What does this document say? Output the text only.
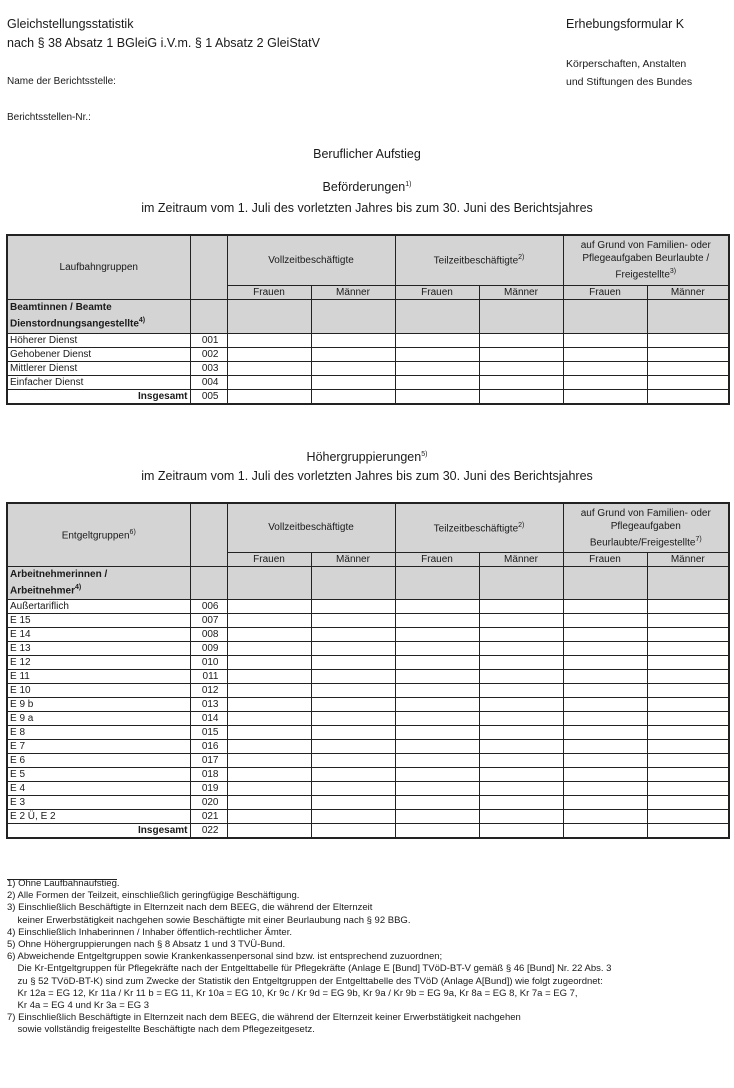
Gleichstellungsstatistik
nach § 38 Absatz 1 BGleiG i.V.m. § 1 Absatz 2 GleiStatV
Erhebungsformular K
Körperschaften, Anstalten
und Stiftungen des Bundes
Name der Berichtsstelle:
Berichtsstellen-Nr.:
Beruflicher Aufstieg
Beförderungen$^{1)}$
im Zeitraum vom 1. Juli des vorletzten Jahres bis zum 30. Juni des Berichtsjahres
Laufbahngruppen		Vollzeitbeschäftigte		Teilzeitbeschäftigte$^{2)}$		auf Grund von Familien- oder
Pflegeaufgaben Beurlaubte /
Freigestellte$^{3)}$

		Frauen	Männer	Frauen	Männer	Frauen	Männer

Beamtinnen / Beamte
Dienstordnungsangestellte$^{4)}$

Höherer Dienst	001						
Gehobener Dienst	002						
Mittlerer Dienst	003						
Einfacher Dienst	004						
Insgesamt	005						
Höhergruppierungen$^{5)}$
im Zeitraum vom 1. Juli des vorletzten Jahres bis zum 30. Juni des Berichtsjahres
Entgeltgruppen$^{6)}$		Vollzeitbeschäftigte		Teilzeitbeschäftigte$^{2)}$		auf Grund von Familien- oder
Pflegeaufgaben
Beurlaubte/Freigestellte$^{7)}$

		Frauen	Männer	Frauen	Männer	Frauen	Männer

Arbeitnehmerinnen /
Arbeitnehmer$^{4)}$

Außertariflich	006						
E 15	007						
E 14	008						
E 13	009						
E 12	010						
E 11	011						
E 10	012						
E 9 b	013						
E 9 a	014						
E 8	015						
E 7	016						
E 6	017						
E 5	018						
E 4	019						
E 3	020						
E 2 Ü, E 2	021						
Insgesamt	022						
1) Ohne Laufbahnaufstieg.
2) Alle Formen der Teilzeit, einschließlich geringfügige Beschäftigung.
3) Einschließlich Beschäftigte in Elternzeit nach dem BEEG, die während der Elternzeit
keiner Erwerbstätigkeit nachgehen sowie Beschäftigte mit einer Beurlaubung nach § 92 BBG.
4) Einschließlich Inhaberinnen / Inhaber öffentlich-rechtlicher Ämter.
5) Ohne Höhergruppierungen nach § 8 Absatz 1 und 3 TVÜ-Bund.
6) Abweichende Entgeltgruppen sowie Krankenkassenpersonal sind bzw. ist entsprechend zuzuordnen;
Die Kr-Entgeltgruppen für Pflegekräfte nach der Entgelttabelle für Pflegekräfte (Anlage E [Bund] TVöD-BT-V gemäß § 46 [Bund] Nr. 22 Abs. 3
zu § 52 TVöD-BT-K) sind zum Zwecke der Statistik den Entgeltgruppen der Entgelttabelle des TVöD (Anlage A[Bund]) wie folgt zugeordnet:
Kr 12a = EG 12, Kr 11a / Kr 11 b = EG 11, Kr 10a = EG 10, Kr 9c / Kr 9d = EG 9b, Kr 9a / Kr 9b = EG 9a, Kr 8a = EG 8, Kr 7a = EG 7,
Kr 4a = EG 4 und Kr 3a = EG 3
7) Einschließlich Beschäftigte in Elternzeit nach dem BEEG, die während der Elternzeit keiner Erwerbstätigkeit nachgehen
sowie vollständig freigestellte Beschäftigte nach dem Pflegezeitgesetz.
